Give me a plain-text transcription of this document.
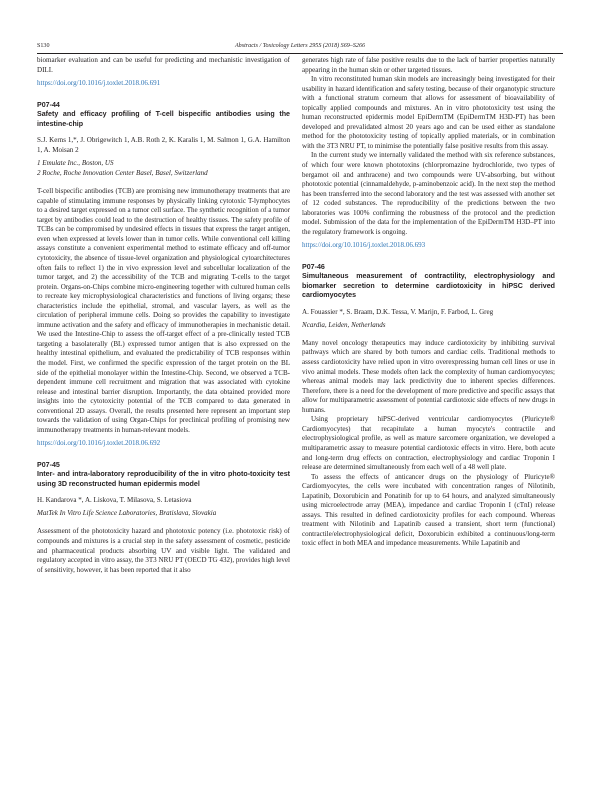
S130	Abstracts / Toxicology Letters 295S (2018) S69–S266

biomarker evaluation and can be useful for predicting and mechanistic investigation of DILI.

https://doi.org/10.1016/j.toxlet.2018.06.691

P07-44

Safety and efficacy profiling of T-cell bispecific antibodies using the intestine-chip

S.J. Kerns 1,*, J. Obrigewitch 1, A.B. Roth 2, K. Karalis 1, M. Salmon 1, G.A. Hamilton 1, A. Moisan 2

1 Emulate Inc., Boston, US

2 Roche, Roche Innovation Center Basel, Basel, Switzerland

T-cell bispecific antibodies (TCB) are promising new immunotherapy treatments that are capable of stimulating immune responses by physically linking cytotoxic T-lymphocytes to a desired target expressed on a tumor cell surface. The synthetic recognition of a tumor target by antibodies could lead to the destruction of healthy tissues. The safety profile of TCBs can be compromised by undesired effects in tissues that express the target antigen, even when expressed at levels lower than in tumor cells. While conventional cell killing assays constitute a convenient experimental method to estimate efficacy and off-tumor cytotoxicity, the absence of tissue-level organization and physiological cytoarchitectures often fails to reflect 1) the in vivo expression level and subcellular localization of the tumor target, and 2) the accessibility of the TCB and migrating T-cells to the target protein. Organs-on-Chips combine micro-engineering together with cultured human cells to recreate key microphysiological characteristics and functions of living organs; these characteristics include the epithelial, stromal, and vascular layers, as well as the circulation of peripheral immune cells. Doing so provides the capability to investigate immune activation and the safety and efficacy of immunotherapies in mechanistic detail. We used the Intestine-Chip to assess the off-target effect of a pre-clinically tested TCB targeting a basolaterally (BL) expressed tumor antigen that is also expressed on the healthy intestinal epithelium, and evaluated the predictability of TCB responses within the model. First, we confirmed the specific expression of the target protein on the BL side of the epithelial monolayer within the Intestine-Chip. Second, we observed a TCB-dependent immune cell recruitment and migration that was associated with cytokine release and intestinal barrier disruption. Importantly, the data obtained provided more insights into the cytotoxicity potential of the TCB compared to data generated in conventional 2D assays. Overall, the results presented here represent an important step towards the validation of using Organ-Chips for preclinical profiling of promising new immunotherapy treatments in human-relevant models.

https://doi.org/10.1016/j.toxlet.2018.06.692

P07-45

Inter- and intra-laboratory reproducibility of the in vitro photo-toxicity test using 3D reconstructed human epidermis model

H. Kandarova *, A. Liskova, T. Milasova, S. Letasiova

MatTek In Vitro Life Science Laboratories, Bratislava, Slovakia

Assessment of the phototoxicity hazard and phototoxic potency (i.e. phototoxic risk) of compounds and mixtures is a crucial step in the safety assessment of cosmetic, pesticide and pharmaceutical products absorbing UV and visible light. The validated and regulatory accepted in vitro assay, the 3T3 NRU PT (OECD TG 432), provides high level of sensitivity, however, it has been reported that it also

generates high rate of false positive results due to the lack of barrier properties naturally appearing in the human skin or other targeted tissues.

In vitro reconstituted human skin models are increasingly being investigated for their usability in hazard identification and safety testing, because of their organotypic structure with a functional stratum corneum that allows for assessment of bioavailability of topically applied compounds and mixtures. An in vitro phototoxicity test using the human reconstructed epidermis model EpiDermTM (EpiDermTM H3D-PT) has been developed and prevalidated almost 20 years ago and can be used either as standalone method for the phototoxicity testing of topically applied materials, or in combination with the 3T3 NRU PT, to minimise the potentially false positive results from this assay.

In the current study we internally validated the method with six reference substances, of which four were known phototoxins (chlorpromazine hydrochloride, two types of bergamot oil and anthracene) and two compounds were UV-absorbing, but without phototoxic potential (cinnamaldehyde, p-aminobenzoic acid). In the next step the method has been transferred into the second laboratory and the test was assessed with another set of 12 coded substances. The reproducibility of the predictions between the two laboratories was 100% confirming the robustness of the protocol and the prediction model. Submission of the data for the implementation of the EpiDermTM H3D–PT into the regulatory framework is ongoing.

https://doi.org/10.1016/j.toxlet.2018.06.693

P07-46

Simultaneous measurement of contractility, electrophysiology and biomarker secretion to determine cardiotoxicity in hiPSC derived cardiomyocytes

A. Fouassier *, S. Braam, D.K. Tessa, V. Marijn, F. Farbod, L. Greg

Ncardia, Leiden, Netherlands

Many novel oncology therapeutics may induce cardiotoxicity by inhibiting survival pathways which are shared by both tumors and cardiac cells. Traditional methods to assess cardiotoxicity have relied upon in vitro overexpressing human cell lines or use in vivo animal models. These models often lack the complexity of human cardiomyocytes; whereas animal models may lack predictivity due to inherent species differences. Therefore, there is a need for the development of more predictive and specific assays that allow for multiparametric assessment of potential cardiotoxic side effects of new drugs in humans.

Using proprietary hiPSC-derived ventricular cardiomyocytes (Pluricyte® Cardiomyocytes) that recapitulate a human myocyte's contractile and electrophysiological profile, as well as mature sarcomere organization, we developed a multiparametric assay to measure potential cardiotoxic effects in vitro. Here, both acute and long-term drug effects on contraction, electrophysiology and cardiac Troponin I release are determined simultaneously from each well of a 48 well plate.

To assess the effects of anticancer drugs on the physiology of Pluricyte® Cardiomyocytes, the cells were incubated with concentration ranges of Nilotinib, Lapatinib, Doxorubicin and Ponatinib for up to 64 hours, and analyzed simultaneously using microelectrode array (MEA), impedance and cardiac Troponin I (cTnI) release assays. This resulted in defined cardiotoxicity profiles for each compound. Whereas treatment with Nilotinib and Lapatinib caused a transient, short term (functional) contractile/electrophysiological deficit, Doxorubicin exhibited a continuous/long-term toxic effect in both MEA and impedance measurements. While Lapatinib and
